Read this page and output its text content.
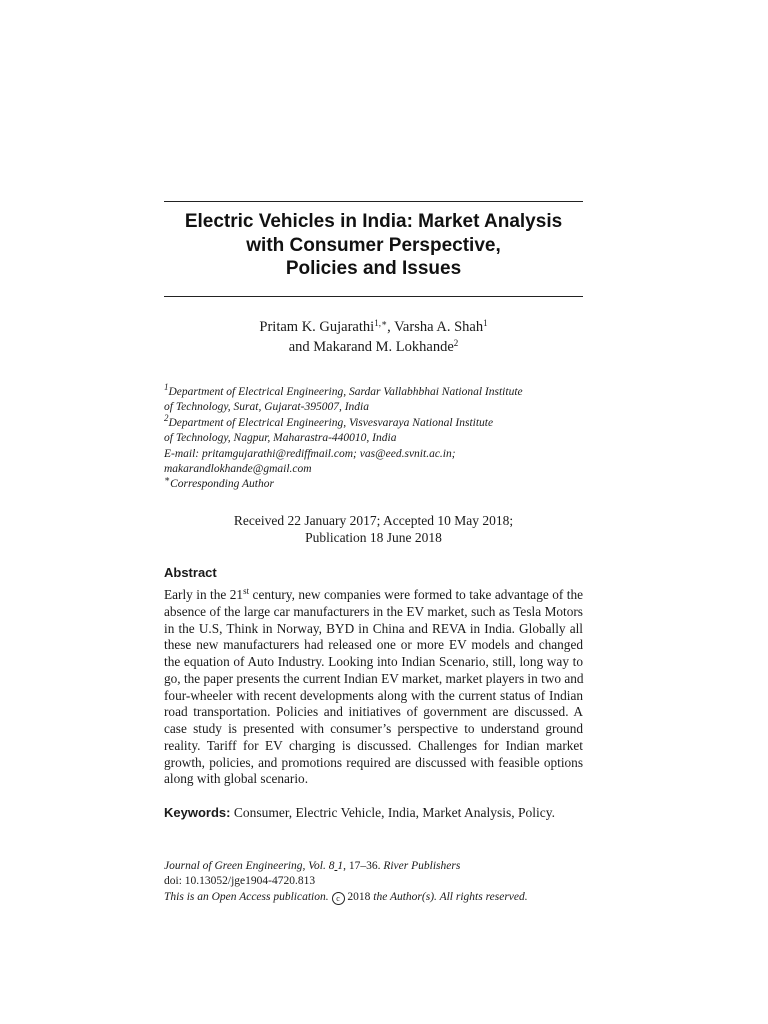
Electric Vehicles in India: Market Analysis
with Consumer Perspective,
Policies and Issues
Pritam K. Gujarathi$^{1,∗}$, Varsha A. Shah$^1$
and Makarand M. Lokhande$^2$
$^1$Department of Electrical Engineering, Sardar Vallabhbhai National Institute
of Technology, Surat, Gujarat-395007, India
$^2$Department of Electrical Engineering, Visvesvaraya National Institute
of Technology, Nagpur, Maharastra-440010, India
E-mail: pritamgujarathi@rediffmail.com; vas@eed.svnit.ac.in;
makarandlokhande@gmail.com
∗Corresponding Author
Received 22 January 2017; Accepted 10 May 2018;
Publication 18 June 2018
Abstract
Early in the 21st century, new companies were formed to take advantage of the
absence of the large car manufacturers in the EV market, such as Tesla Motors
in the U.S, Think in Norway, BYD in China and REVA in India. Globally all
these new manufacturers had released one or more EV models and changed
the equation of Auto Industry. Looking into Indian Scenario, still, long way to
go, the paper presents the current Indian EV market, market players in two and
four-wheeler with recent developments along with the current status of Indian
road transportation. Policies and initiatives of government are discussed. A
case study is presented with consumer’s perspective to understand ground
reality. Tariff for EV charging is discussed. Challenges for Indian market
growth, policies, and promotions required are discussed with feasible options
along with global scenario.
Keywords: Consumer, Electric Vehicle, India, Market Analysis, Policy.
Journal of Green Engineering, Vol. 8 1, 17–36. River Publishers
doi: 10.13052/jge1904-4720.813
This is an Open Access publication. c 2018 the Author(s). All rights reserved.
